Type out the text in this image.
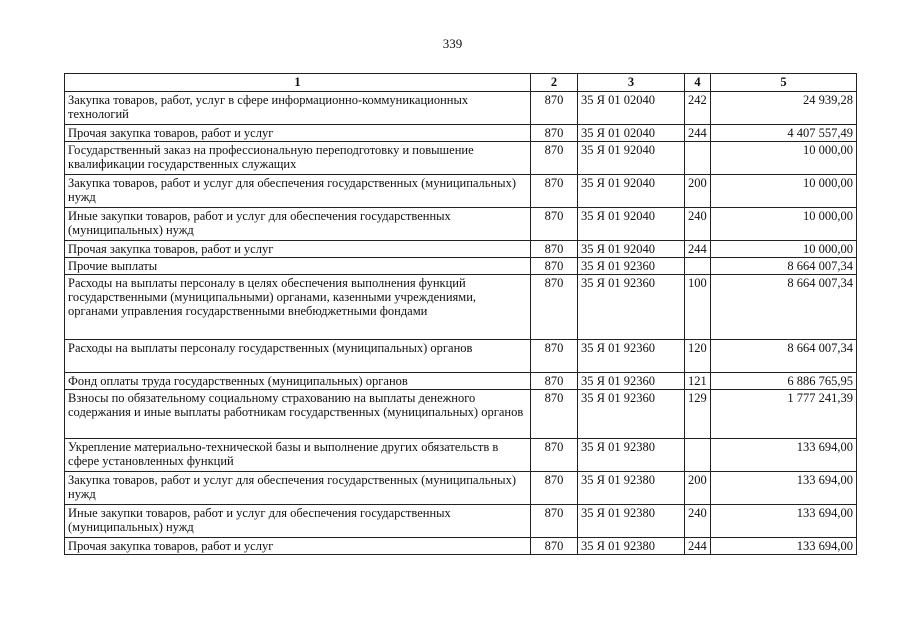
339
1	2	3	4	5
Закупка товаров, работ, услуг в сфере информационно-коммуникационных технологий	870	35 Я 01 02040	242	24 939,28
Прочая закупка товаров, работ и услуг	870	35 Я 01 02040	244	4 407 557,49
Государственный заказ на профессиональную переподготовку и повышение квалификации государственных служащих	870	35 Я 01 92040		10 000,00
Закупка товаров, работ и услуг для обеспечения государственных (муниципальных) нужд	870	35 Я 01 92040	200	10 000,00
Иные закупки товаров, работ и услуг для обеспечения государственных (муниципальных) нужд	870	35 Я 01 92040	240	10 000,00
Прочая закупка товаров, работ и услуг	870	35 Я 01 92040	244	10 000,00
Прочие выплаты	870	35 Я 01 92360		8 664 007,34
Расходы на выплаты персоналу в целях обеспечения выполнения функций государственными (муниципальными) органами, казенными учреждениями, органами управления государственными внебюджетными фондами	870	35 Я 01 92360	100	8 664 007,34
Расходы на выплаты персоналу государственных (муниципальных) органов	870	35 Я 01 92360	120	8 664 007,34
Фонд оплаты труда государственных (муниципальных) органов	870	35 Я 01 92360	121	6 886 765,95
Взносы по обязательному социальному страхованию на выплаты денежного содержания и иные выплаты работникам государственных (муниципальных) органов	870	35 Я 01 92360	129	1 777 241,39
Укрепление материально-технической базы и выполнение других обязательств в сфере установленных функций	870	35 Я 01 92380		133 694,00
Закупка товаров, работ и услуг для обеспечения государственных (муниципальных) нужд	870	35 Я 01 92380	200	133 694,00
Иные закупки товаров, работ и услуг для обеспечения государственных (муниципальных) нужд	870	35 Я 01 92380	240	133 694,00
Прочая закупка товаров, работ и услуг	870	35 Я 01 92380	244	133 694,00
